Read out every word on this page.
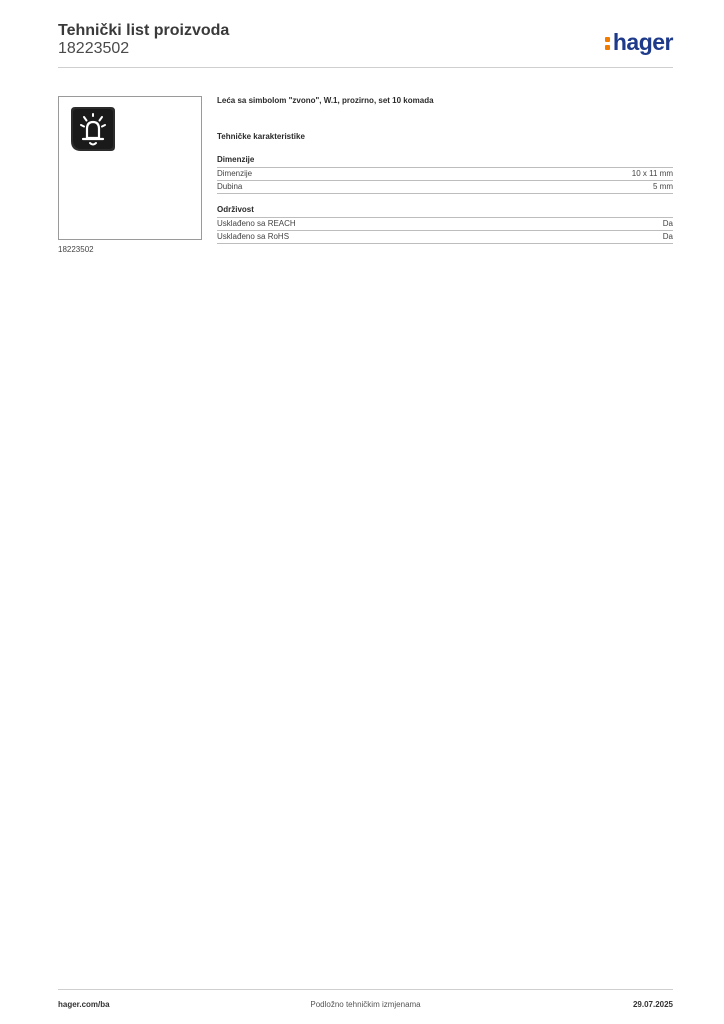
Tehnički list proizvoda
18223502	hager
18223502
Leća sa simbolom "zvono", W.1, prozirno, set 10 komada
Tehničke karakteristike
Dimenzije
Dimenzije	10 x 11 mm
Dubina	5 mm
Održivost
Usklađeno sa REACH	Da
Usklađeno sa RoHS	Da
hager.com/ba	Podložno tehničkim izmjenama	29.07.2025
